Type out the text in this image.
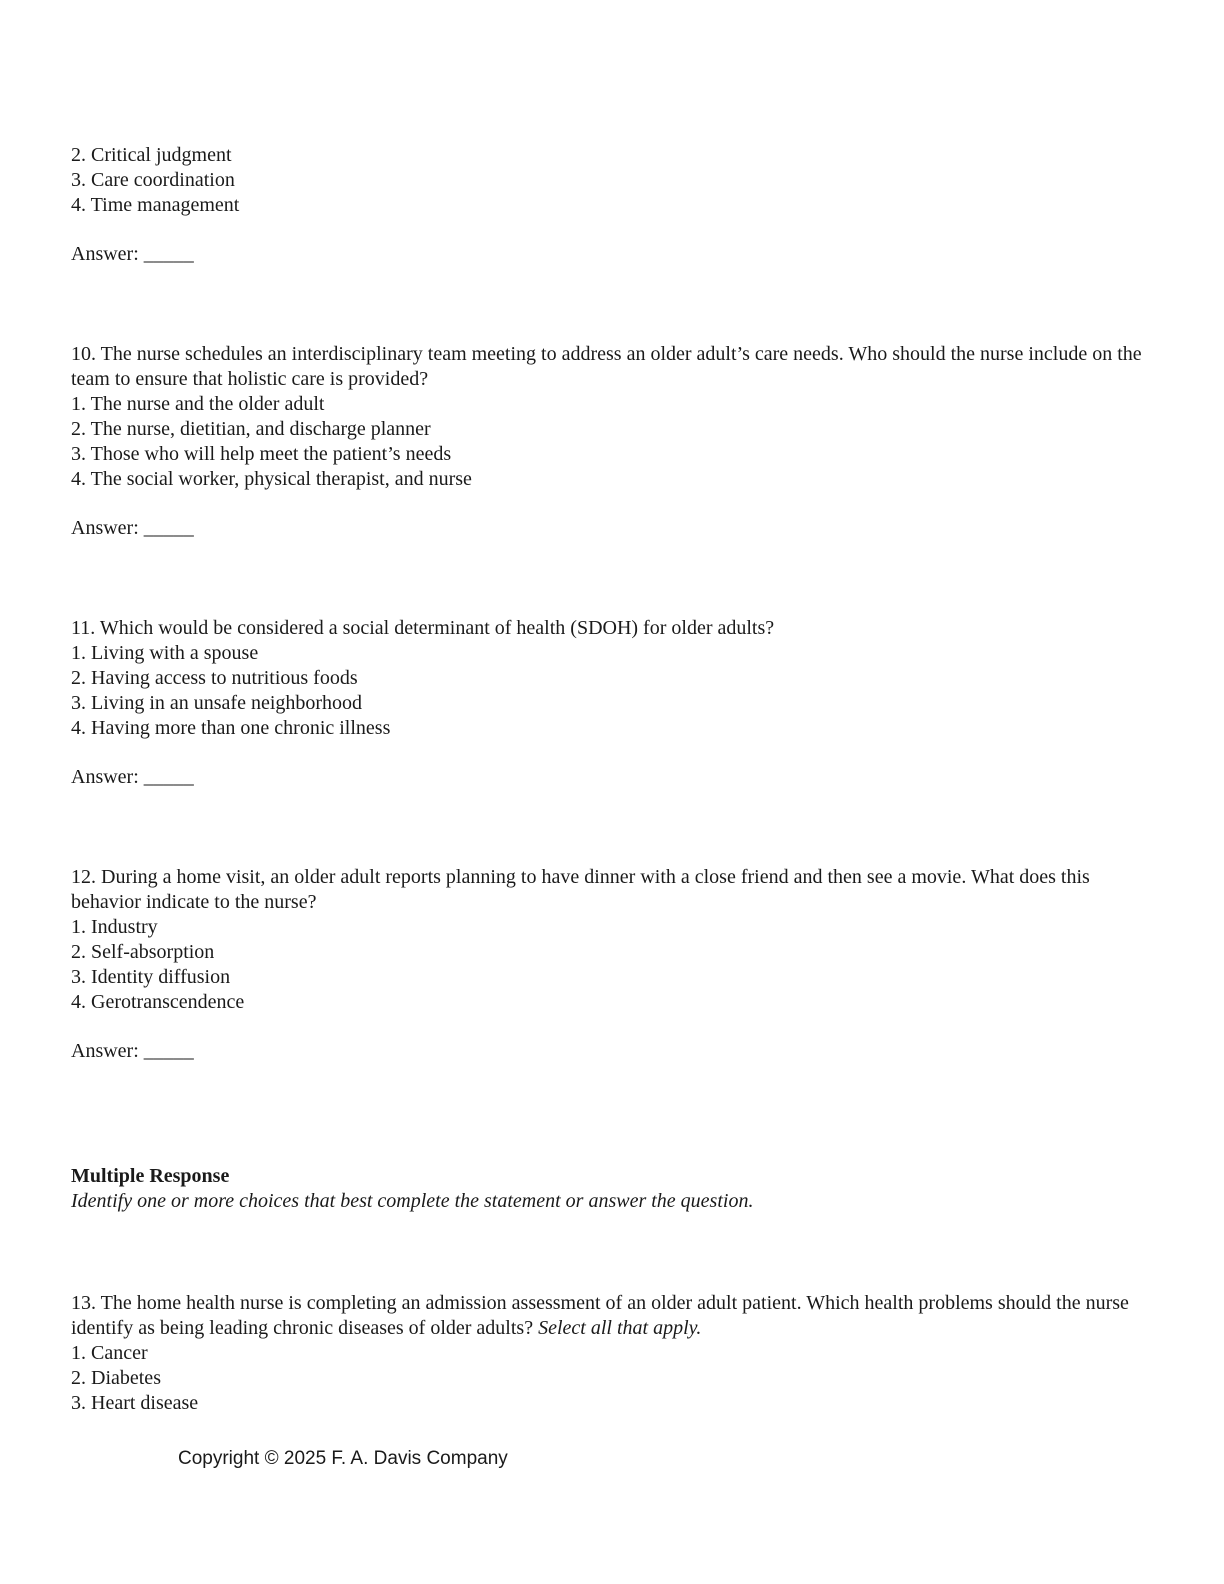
2. Critical judgment
3. Care coordination
4. Time management
Answer: _____
10. The nurse schedules an interdisciplinary team meeting to address an older adult’s care needs. Who should the nurse include on the team to ensure that holistic care is provided?
1. The nurse and the older adult
2. The nurse, dietitian, and discharge planner
3. Those who will help meet the patient’s needs
4. The social worker, physical therapist, and nurse
Answer: _____
11. Which would be considered a social determinant of health (SDOH) for older adults?
1. Living with a spouse
2. Having access to nutritious foods
3. Living in an unsafe neighborhood
4. Having more than one chronic illness
Answer: _____
12. During a home visit, an older adult reports planning to have dinner with a close friend and then see a movie. What does this behavior indicate to the nurse?
1. Industry
2. Self-absorption
3. Identity diffusion
4. Gerotranscendence
Answer: _____
Multiple Response
Identify one or more choices that best complete the statement or answer the question.
13. The home health nurse is completing an admission assessment of an older adult patient. Which health problems should the nurse identify as being leading chronic diseases of older adults? Select all that apply.
1. Cancer
2. Diabetes
3. Heart disease
Copyright © 2025 F. A. Davis Company
